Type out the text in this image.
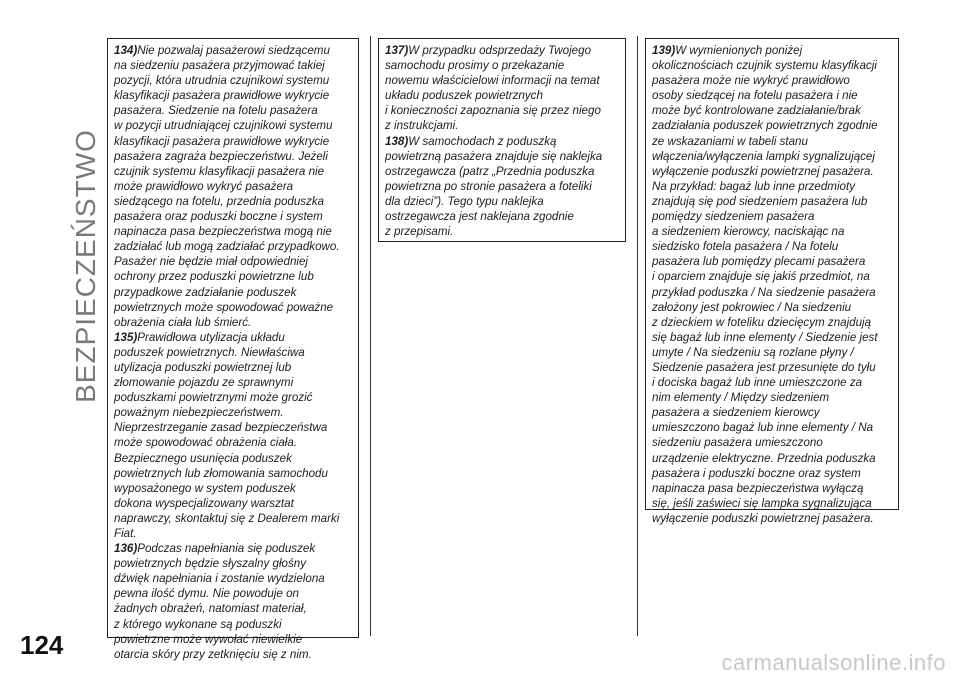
BEZPIECZEŃSTWO

134)Nie pozwalaj pasażerowi siedzącemu
na siedzeniu pasażera przyjmować takiej
pozycji, która utrudnia czujnikowi systemu
klasyfikacji pasażera prawidłowe wykrycie
pasażera. Siedzenie na fotelu pasażera
w pozycji utrudniającej czujnikowi systemu
klasyfikacji pasażera prawidłowe wykrycie
pasażera zagraża bezpieczeństwu. Jeżeli
czujnik systemu klasyfikacji pasażera nie
może prawidłowo wykryć pasażera
siedzącego na fotelu, przednia poduszka
pasażera oraz poduszki boczne i system
napinacza pasa bezpieczeństwa mogą nie
zadziałać lub mogą zadziałać przypadkowo.
Pasażer nie będzie miał odpowiedniej
ochrony przez poduszki powietrzne lub
przypadkowe zadziałanie poduszek
powietrznych może spowodować poważne
obrażenia ciała lub śmierć.

135)Prawidłowa utylizacja układu
poduszek powietrznych. Niewłaściwa
utylizacja poduszki powietrznej lub
złomowanie pojazdu ze sprawnymi
poduszkami powietrznymi może grozić
poważnym niebezpieczeństwem.
Nieprzestrzeganie zasad bezpieczeństwa
może spowodować obrażenia ciała.
Bezpiecznego usunięcia poduszek
powietrznych lub złomowania samochodu
wyposażonego w system poduszek
dokona wyspecjalizowany warsztat
naprawczy, skontaktuj się z Dealerem marki
Fiat.

136)Podczas napełniania się poduszek
powietrznych będzie słyszalny głośny
dźwięk napełniania i zostanie wydzielona
pewna ilość dymu. Nie powoduje on
żadnych obrażeń, natomiast materiał,
z którego wykonane są poduszki
powietrzne może wywołać niewielkie
otarcia skóry przy zetknięciu się z nim.

137)W przypadku odsprzedaży Twojego
samochodu prosimy o przekazanie
nowemu właścicielowi informacji na temat
układu poduszek powietrznych
i konieczności zapoznania się przez niego
z instrukcjami.

138)W samochodach z poduszką
powietrzną pasażera znajduje się naklejka
ostrzegawcza (patrz „Przednia poduszka
powietrzna po stronie pasażera a foteliki
dla dzieci”). Tego typu naklejka
ostrzegawcza jest naklejana zgodnie
z przepisami.

139)W wymienionych poniżej
okolicznościach czujnik systemu klasyfikacji
pasażera może nie wykryć prawidłowo
osoby siedzącej na fotelu pasażera i nie
może być kontrolowane zadziałanie/brak
zadziałania poduszek powietrznych zgodnie
ze wskazaniami w tabeli stanu
włączenia/wyłączenia lampki sygnalizującej
wyłączenie poduszki powietrznej pasażera.
Na przykład: bagaż lub inne przedmioty
znajdują się pod siedzeniem pasażera lub
pomiędzy siedzeniem pasażera
a siedzeniem kierowcy, naciskając na
siedzisko fotela pasażera / Na fotelu
pasażera lub pomiędzy plecami pasażera
i oparciem znajduje się jakiś przedmiot, na
przykład poduszka / Na siedzenie pasażera
założony jest pokrowiec / Na siedzeniu
z dzieckiem w foteliku dziecięcym znajdują
się bagaż lub inne elementy / Siedzenie jest
umyte / Na siedzeniu są rozlane płyny /
Siedzenie pasażera jest przesunięte do tyłu
i dociska bagaż lub inne umieszczone za
nim elementy / Między siedzeniem
pasażera a siedzeniem kierowcy
umieszczono bagaż lub inne elementy / Na
siedzeniu pasażera umieszczono
urządzenie elektryczne. Przednia poduszka
pasażera i poduszki boczne oraz system
napinacza pasa bezpieczeństwa wyłączą
się, jeśli zaświeci się lampka sygnalizująca
wyłączenie poduszki powietrznej pasażera.

124
carmanualsonline.info
